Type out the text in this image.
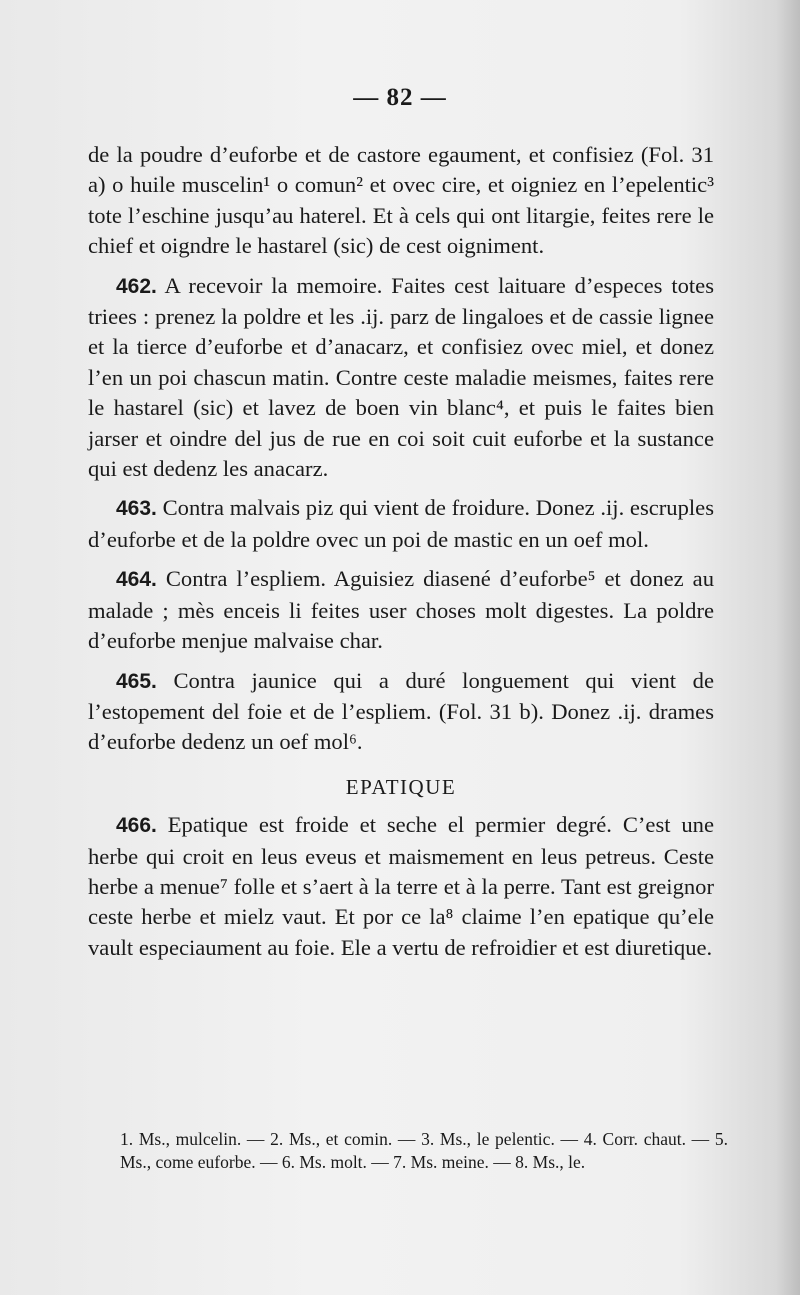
— 82 —

de la poudre d’euforbe et de castore egaument, et confisiez (Fol. 31 a) o huile muscelin¹ o comun² et ovec cire, et oigniez en l’epelentic³ tote l’eschine jusqu’au haterel. Et à cels qui ont litargie, feites rere le chief et oigndre le hastarel (sic) de cest oigniment.

462. A recevoir la memoire. Faites cest laituare d’especes totes triees : prenez la poldre et les .ij. parz de lingaloes et de cassie lignee et la tierce d’euforbe et d’anacarz, et confisiez ovec miel, et donez l’en un poi chascun matin. Contre ceste maladie meismes, faites rere le hastarel (sic) et lavez de boen vin blanc⁴, et puis le faites bien jarser et oindre del jus de rue en coi soit cuit euforbe et la sustance qui est dedenz les anacarz.

463. Contra malvais piz qui vient de froidure. Donez .ij. escruples d’euforbe et de la poldre ovec un poi de mastic en un oef mol.

464. Contra l’espliem. Aguisiez diasené d’euforbe⁵ et donez au malade ; mès enceis li feites user choses molt digestes. La poldre d’euforbe menjue malvaise char.

465. Contra jaunice qui a duré longuement qui vient de l’estopement del foie et de l’espliem. (Fol. 31 b). Donez .ij. drames d’euforbe dedenz un oef mol⁶.

EPATIQUE

466. Epatique est froide et seche el permier degré. C’est une herbe qui croit en leus eveus et maismement en leus petreus. Ceste herbe a menue⁷ folle et s’aert à la terre et à la perre. Tant est greignor ceste herbe et mielz vaut. Et por ce la⁸ claime l’en epatique qu’ele vault especiaument au foie. Ele a vertu de refroidier et est diuretique.

1. Ms., mulcelin. — 2. Ms., et comin. — 3. Ms., le pelentic. — 4. Corr. chaut. — 5. Ms., come euforbe. — 6. Ms. molt. — 7. Ms. meine. — 8. Ms., le.
